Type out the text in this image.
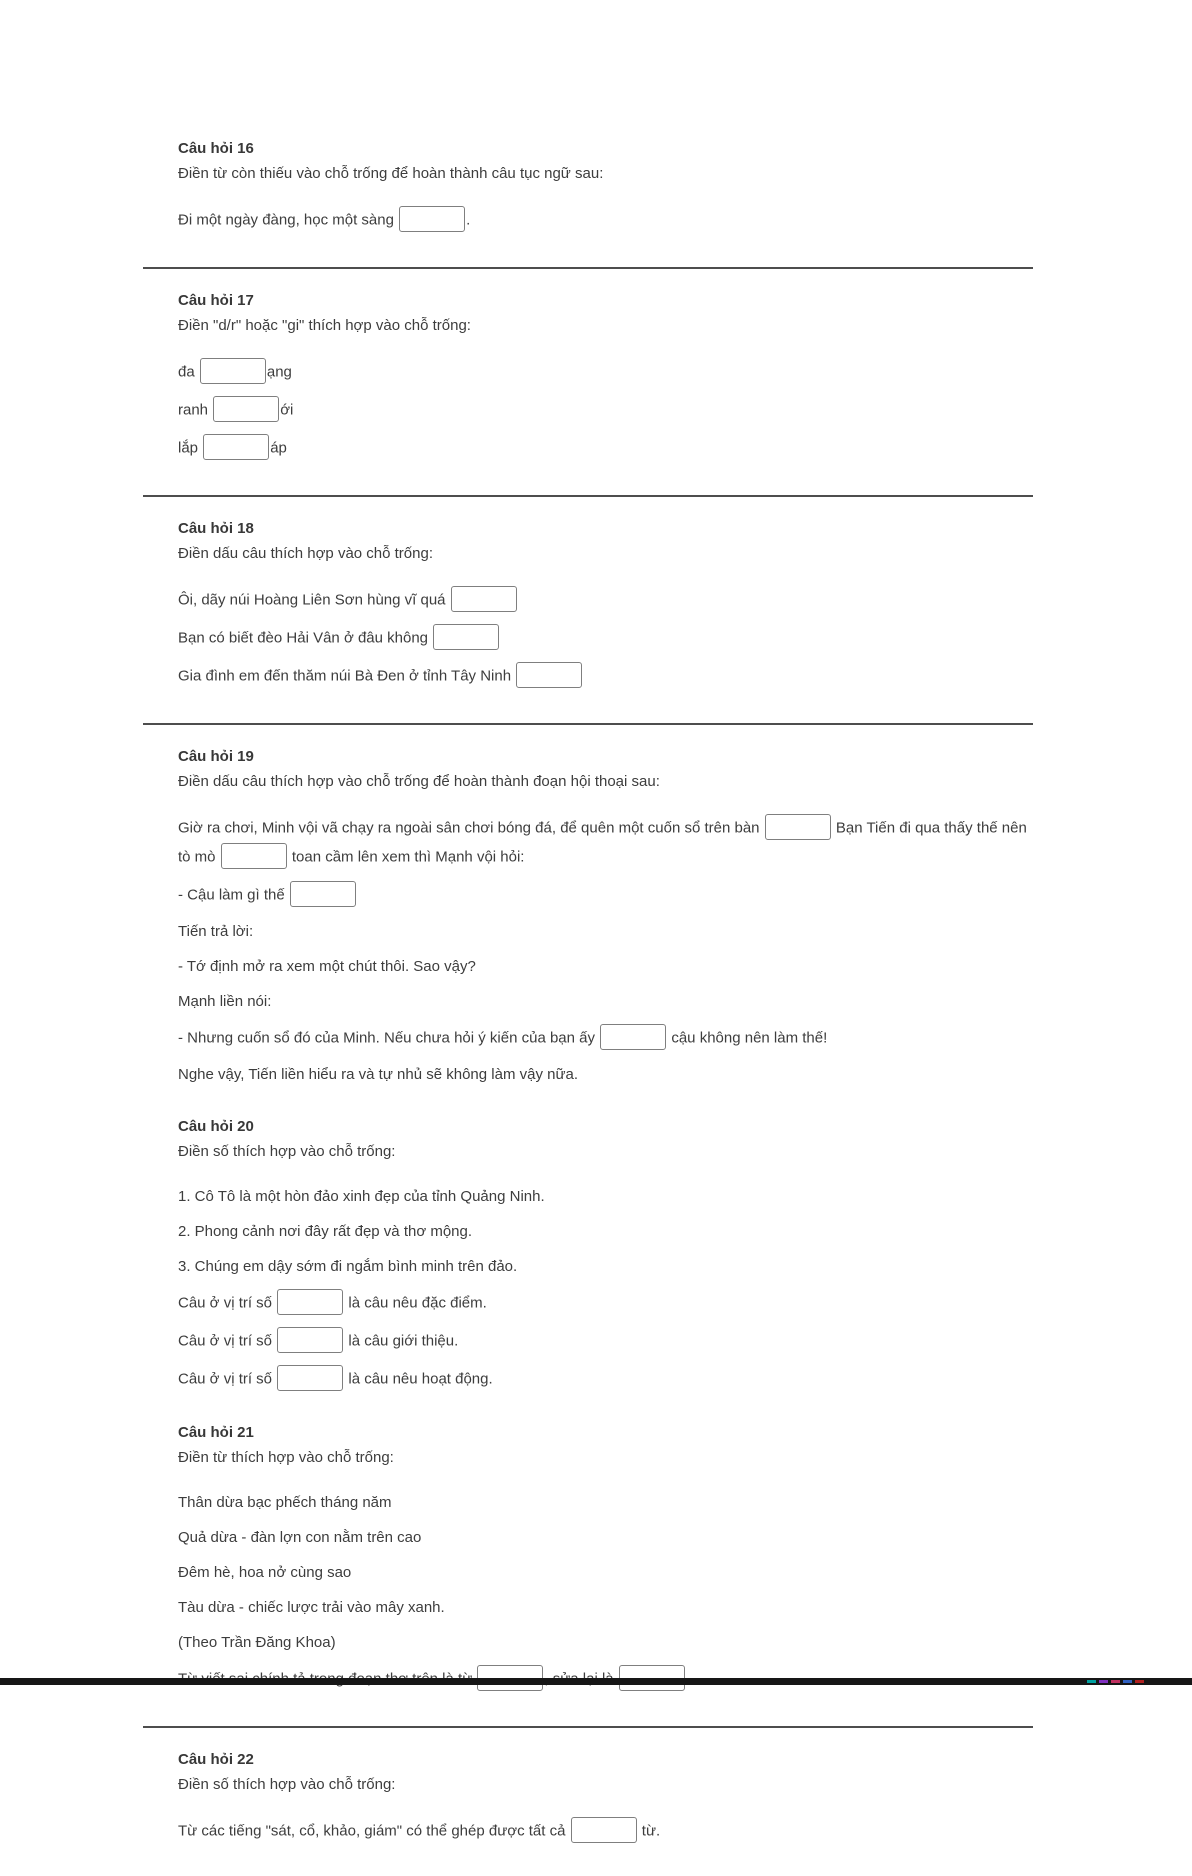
Câu hỏi 16

Điền từ còn thiếu vào chỗ trống để hoàn thành câu tục ngữ sau:

Đi một ngày đàng, học một sàng	.
Câu hỏi 17

Điền "d/r" hoặc "gi" thích hợp vào chỗ trống:

đa	ạng
ranh	ới
lắp	áp
Câu hỏi 18

Điền dấu câu thích hợp vào chỗ trống:

Ôi, dãy núi Hoàng Liên Sơn hùng vĩ quá
Bạn có biết đèo Hải Vân ở đâu không
Gia đình em đến thăm núi Bà Đen ở tỉnh Tây Ninh
Câu hỏi 19

Điền dấu câu thích hợp vào chỗ trống để hoàn thành đoạn hội thoại sau:

Giờ ra chơi, Minh vội vã chạy ra ngoài sân chơi bóng đá, để quên một cuốn sổ trên bàn	Bạn Tiến đi qua thấy thế nên tò mò	toan cầm lên xem thì Mạnh vội hỏi:
- Cậu làm gì thế
Tiến trả lời:
- Tớ định mở ra xem một chút thôi. Sao vậy?
Mạnh liền nói:
- Nhưng cuốn sổ đó của Minh. Nếu chưa hỏi ý kiến của bạn ấy	cậu không nên làm thế!
Nghe vậy, Tiến liền hiểu ra và tự nhủ sẽ không làm vậy nữa.
Câu hỏi 20

Điền số thích hợp vào chỗ trống:

1. Cô Tô là một hòn đảo xinh đẹp của tỉnh Quảng Ninh.
2. Phong cảnh nơi đây rất đẹp và thơ mộng.
3. Chúng em dậy sớm đi ngắm bình minh trên đảo.
Câu ở vị trí số	là câu nêu đặc điểm.
Câu ở vị trí số	là câu giới thiệu.
Câu ở vị trí số	là câu nêu hoạt động.
Câu hỏi 21

Điền từ thích hợp vào chỗ trống:

Thân dừa bạc phếch tháng năm
Quả dừa - đàn lợn con nằm trên cao
Đêm hè, hoa nở cùng sao
Tàu dừa - chiếc lược trải vào mây xanh.
(Theo Trần Đăng Khoa)
Câu hỏi 22

Điền số thích hợp vào chỗ trống:

Từ các tiếng "sát, cổ, khảo, giám" có thể ghép được tất cả	từ.
